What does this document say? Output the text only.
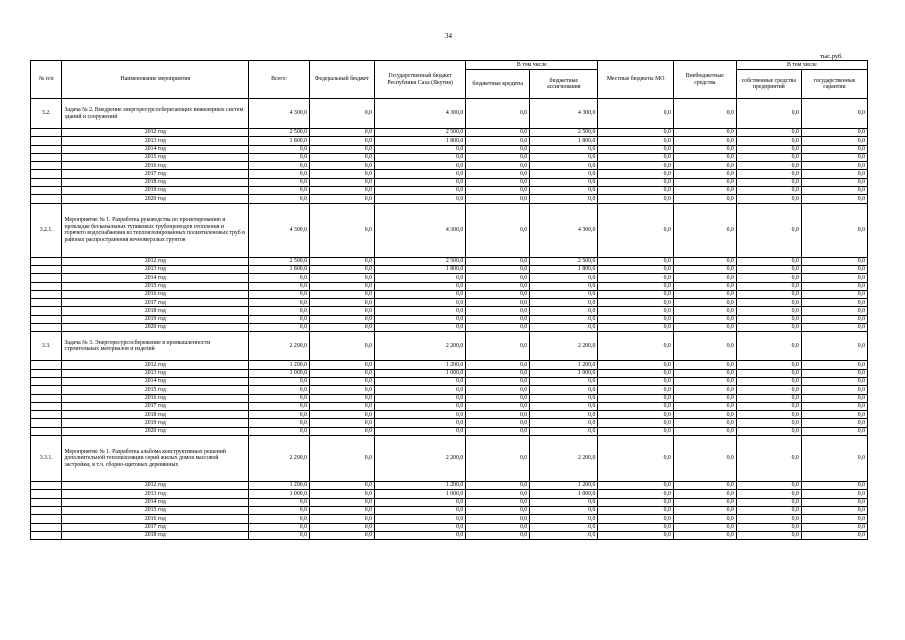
34
тыс.руб.
№ п/п	Наименование мероприятия	Всего:	Федеральный бюджет	Государственный бюджет Республики Саха (Якутия)	В том числе		Местные бюджеты МО	Внебюджетные средства	В том числе	
					бюджетные кредиты	бюджетные ассигнования			собственные средства предприятий	государственные гарантии
3.2.	Задача № 2. Внедрение энергоресурсосберегающих инженерных систем зданий и сооружений	4 300,0	0,0	4 300,0	0,0	4 300,0	0,0	0,0	0,0	0,0
	2012 год	2 500,0	0,0	2 500,0	0,0	2 500,0	0,0	0,0	0,0	0,0
	2013 год	1 800,0	0,0	1 800,0	0,0	1 800,0	0,0	0,0	0,0	0,0
	2014 год	0,0	0,0	0,0	0,0	0,0	0,0	0,0	0,0	0,0
	2015 год	0,0	0,0	0,0	0,0	0,0	0,0	0,0	0,0	0,0
	2016 год	0,0	0,0	0,0	0,0	0,0	0,0	0,0	0,0	0,0
	2017 год	0,0	0,0	0,0	0,0	0,0	0,0	0,0	0,0	0,0
	2018 год	0,0	0,0	0,0	0,0	0,0	0,0	0,0	0,0	0,0
	2019 год	0,0	0,0	0,0	0,0	0,0	0,0	0,0	0,0	0,0
	2020 год	0,0	0,0	0,0	0,0	0,0	0,0	0,0	0,0	0,0
3.2.1.	Мероприятие № 1. Разработка руководства по проектированию и прокладке бесканальных тупиковых трубопроводов отопления и горячего водоснабжения из теплоизолированных полиэтиленовых труб в районах распространения вечномерзлых грунтов	4 300,0	0,0	4 300,0	0,0	4 300,0	0,0	0,0	0,0	0,0
	2012 год	2 500,0	0,0	2 500,0	0,0	2 500,0	0,0	0,0	0,0	0,0
	2013 год	1 800,0	0,0	1 800,0	0,0	1 800,0	0,0	0,0	0,0	0,0
	2014 год	0,0	0,0	0,0	0,0	0,0	0,0	0,0	0,0	0,0
	2015 год	0,0	0,0	0,0	0,0	0,0	0,0	0,0	0,0	0,0
	2016 год	0,0	0,0	0,0	0,0	0,0	0,0	0,0	0,0	0,0
	2017 год	0,0	0,0	0,0	0,0	0,0	0,0	0,0	0,0	0,0
	2018 год	0,0	0,0	0,0	0,0	0,0	0,0	0,0	0,0	0,0
	2019 год	0,0	0,0	0,0	0,0	0,0	0,0	0,0	0,0	0,0
	2020 год	0,0	0,0	0,0	0,0	0,0	0,0	0,0	0,0	0,0
3.3.	Задача № 3. Энергоресурсосбережение в промышленности строительных материалов и изделий	2 200,0	0,0	2 200,0	0,0	2 200,0	0,0	0,0	0,0	0,0
	2012 год	1 200,0	0,0	1 200,0	0,0	1 200,0	0,0	0,0	0,0	0,0
	2013 год	1 000,0	0,0	1 000,0	0,0	1 000,0	0,0	0,0	0,0	0,0
	2014 год	0,0	0,0	0,0	0,0	0,0	0,0	0,0	0,0	0,0
	2015 год	0,0	0,0	0,0	0,0	0,0	0,0	0,0	0,0	0,0
	2016 год	0,0	0,0	0,0	0,0	0,0	0,0	0,0	0,0	0,0
	2017 год	0,0	0,0	0,0	0,0	0,0	0,0	0,0	0,0	0,0
	2018 год	0,0	0,0	0,0	0,0	0,0	0,0	0,0	0,0	0,0
	2019 год	0,0	0,0	0,0	0,0	0,0	0,0	0,0	0,0	0,0
	2020 год	0,0	0,0	0,0	0,0	0,0	0,0	0,0	0,0	0,0
3.3.1.	Мероприятие № 1. Разработка альбома конструктивных решений дополнительной теплоизоляции серий жилых домов массовой застройки, в т.ч. сборно-щитовых деревянных	2 200,0	0,0	2 200,0	0,0	2 200,0	0,0	0,0	0,0	0,0
	2012 год	1 200,0	0,0	1 200,0	0,0	1 200,0	0,0	0,0	0,0	0,0
	2013 год	1 000,0	0,0	1 000,0	0,0	1 000,0	0,0	0,0	0,0	0,0
	2014 год	0,0	0,0	0,0	0,0	0,0	0,0	0,0	0,0	0,0
	2015 год	0,0	0,0	0,0	0,0	0,0	0,0	0,0	0,0	0,0
	2016 год	0,0	0,0	0,0	0,0	0,0	0,0	0,0	0,0	0,0
	2017 год	0,0	0,0	0,0	0,0	0,0	0,0	0,0	0,0	0,0
	2018 год	0,0	0,0	0,0	0,0	0,0	0,0	0,0	0,0	0,0
